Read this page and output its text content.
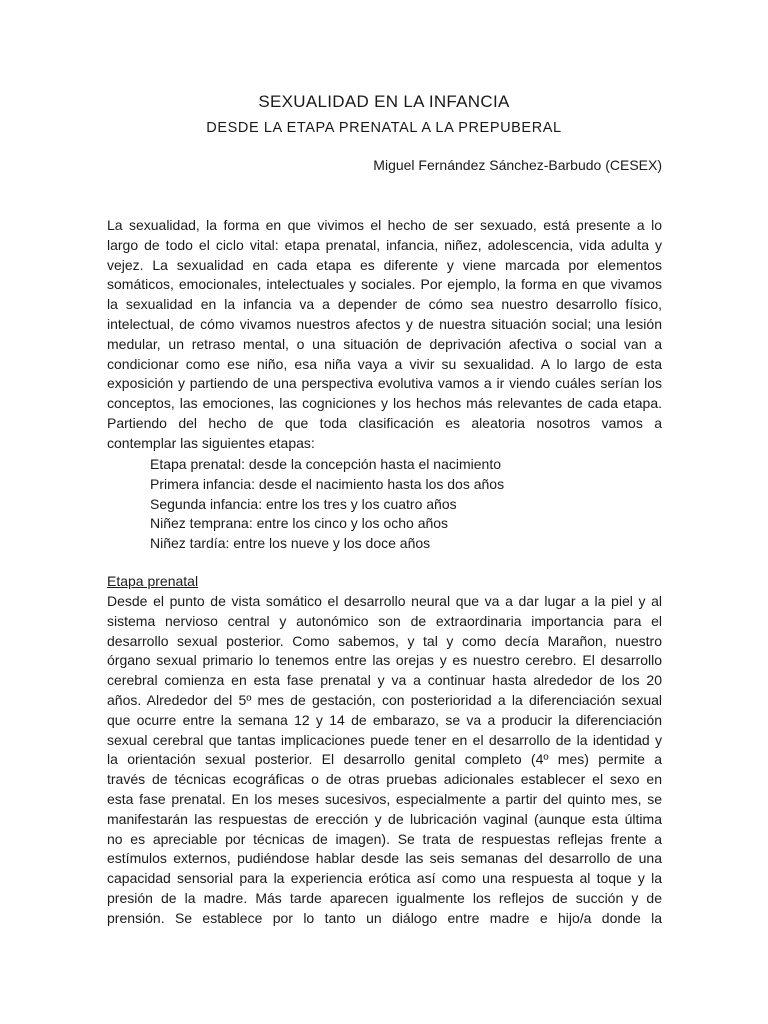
SEXUALIDAD EN LA INFANCIA
DESDE LA ETAPA PRENATAL A LA PREPUBERAL
Miguel Fernández Sánchez-Barbudo (CESEX)
La sexualidad, la forma en que vivimos el hecho de ser sexuado, está presente a lo
largo de todo el ciclo vital: etapa prenatal, infancia, niñez, adolescencia, vida adulta y
vejez. La sexualidad en cada etapa es diferente y viene marcada por elementos
somáticos, emocionales, intelectuales y sociales. Por ejemplo, la forma en que vivamos
la sexualidad en la infancia va a depender de cómo sea nuestro desarrollo físico,
intelectual, de cómo vivamos nuestros afectos y de nuestra situación social; una lesión
medular, un retraso mental, o una situación de deprivación afectiva o social van a
condicionar como ese niño, esa niña vaya a vivir su sexualidad. A lo largo de esta
exposición y partiendo de una perspectiva evolutiva vamos a ir viendo cuáles serían los
conceptos, las emociones, las cogniciones y los hechos más relevantes de cada etapa.
Partiendo del hecho de que toda clasificación es aleatoria nosotros vamos a
contemplar las siguientes etapas:
Etapa prenatal: desde la concepción hasta el nacimiento
Primera infancia: desde el nacimiento hasta los dos años
Segunda infancia: entre los tres y los cuatro años
Niñez temprana: entre los cinco y los ocho años
Niñez tardía: entre los nueve y los doce años
Etapa prenatal
Desde el punto de vista somático el desarrollo neural que va a dar lugar a la piel y al
sistema nervioso central y autonómico son de extraordinaria importancia para el
desarrollo sexual posterior. Como sabemos, y tal y como decía Marañon, nuestro
órgano sexual primario lo tenemos entre las orejas y es nuestro cerebro. El desarrollo
cerebral comienza en esta fase prenatal y va a continuar hasta alrededor de los 20
años. Alrededor del 5º mes de gestación, con posterioridad a la diferenciación sexual
que ocurre entre la semana 12 y 14 de embarazo, se va a producir la diferenciación
sexual cerebral que tantas implicaciones puede tener en el desarrollo de la identidad y
la orientación sexual posterior. El desarrollo genital completo (4º mes) permite a
través de técnicas ecográficas o de otras pruebas adicionales establecer el sexo en
esta fase prenatal. En los meses sucesivos, especialmente a partir del quinto mes, se
manifestarán las respuestas de erección y de lubricación vaginal (aunque esta última
no es apreciable por técnicas de imagen). Se trata de respuestas reflejas frente a
estímulos externos, pudiéndose hablar desde las seis semanas del desarrollo de una
capacidad sensorial para la experiencia erótica así como una respuesta al toque y la
presión de la madre. Más tarde aparecen igualmente los reflejos de succión y de
prensión. Se establece por lo tanto un diálogo entre madre e hijo/a donde la
